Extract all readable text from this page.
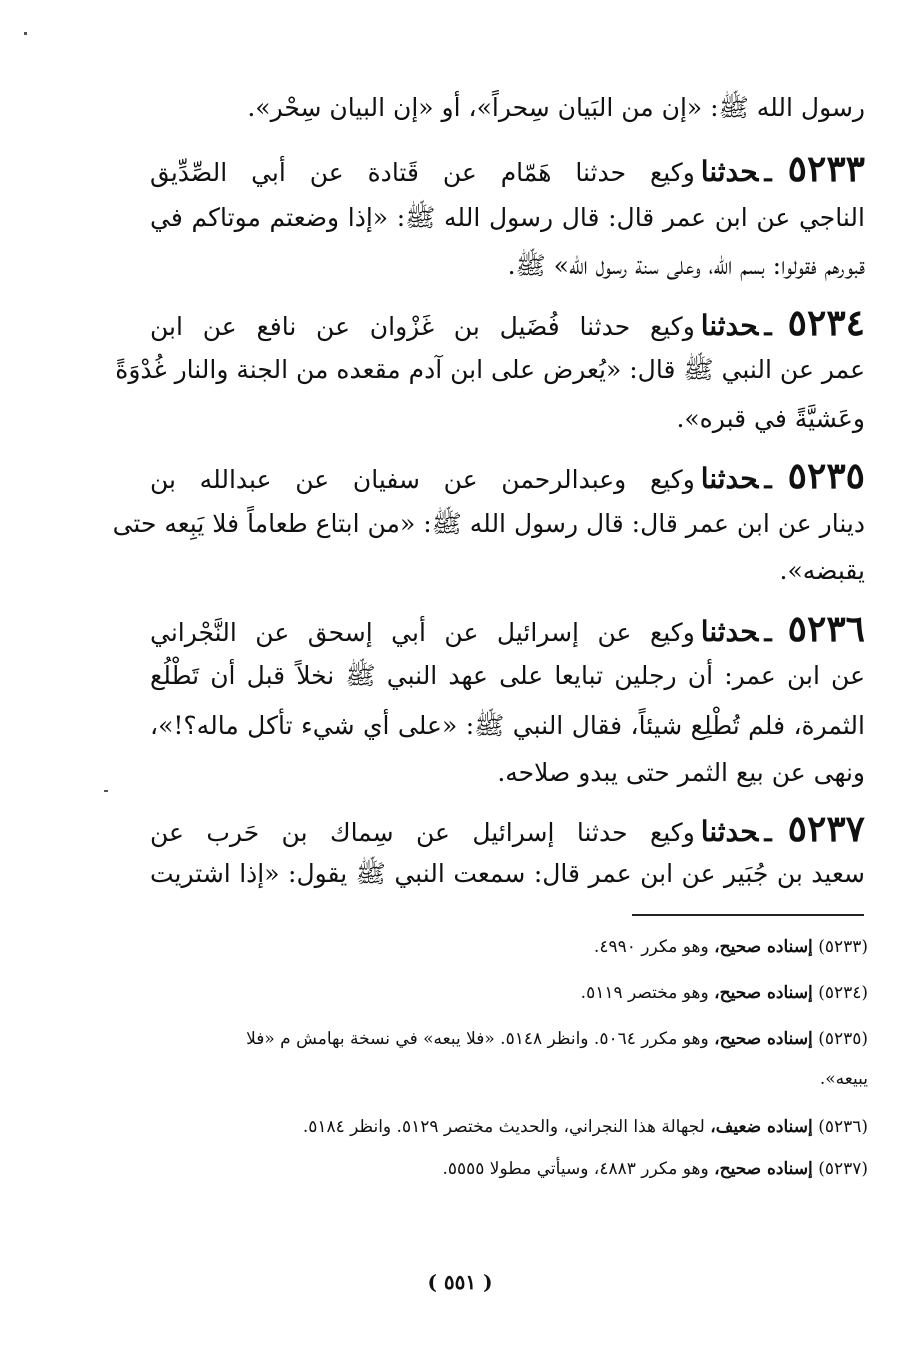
رسول الله ﷺ: «إن من البَيان سِحراً»، أو «إن البيان سِحْر».
٥٢٣٣ـحدثناوكيع حدثنا هَمّام عن قَتادة عن أبي الصِّدِّيق
الناجي عن ابن عمر قال: قال رسول الله ﷺ: «إذا وضعتم موتاكم في
قبورهم فقولوا: بسم الله، وعلى سنة رسول الله» ﷺ.
٥٢٣٤ـحدثناوكيع حدثنا فُضَيل بن غَزْوان عن نافع عن ابن
عمر عن النبي ﷺ قال: «يُعرض على ابن آدم مقعده من الجنة والنار غُدْوَةً
وعَشيَّةً في قبره».
٥٢٣٥ـحدثناوكيع وعبدالرحمن عن سفيان عن عبدالله بن
دينار عن ابن عمر قال: قال رسول الله ﷺ: «من ابتاع طعاماً فلا يَبِعه حتى
يقبضه».
٥٢٣٦ـحدثناوكيع عن إسرائيل عن أبي إسحق عن النَّجْراني
عن ابن عمر: أن رجلين تبايعا على عهد النبي ﷺ نخلاً قبل أن تَطْلُع
الثمرة، فلم تُطْلِع شيئاً، فقال النبي ﷺ: «على أي شيء تأكل ماله؟!»،
ونهى عن بيع الثمر حتى يبدو صلاحه.
٥٢٣٧ـحدثناوكيع حدثنا إسرائيل عن سِماك بن حَرب عن
سعيد بن جُبَير عن ابن عمر قال: سمعت النبي ﷺ يقول: «إذا اشتريت
(٥٢٣٣) إسناده صحيح، وهو مكرر ٤٩٩٠.
(٥٢٣٤) إسناده صحيح، وهو مختصر ٥١١٩.
(٥٢٣٥) إسناده صحيح، وهو مكرر ٥٠٦٤. وانظر ٥١٤٨. «فلا يبعه» في نسخة بهامش م «فلا
يبيعه».
(٥٢٣٦) إسناده ضعيف، لجهالة هذا النجراني، والحديث مختصر ٥١٢٩. وانظر ٥١٨٤.
(٥٢٣٧) إسناده صحيح، وهو مكرر ٤٨٨٣، وسيأتي مطولا ٥٥٥٥.
( ٥٥١ )
